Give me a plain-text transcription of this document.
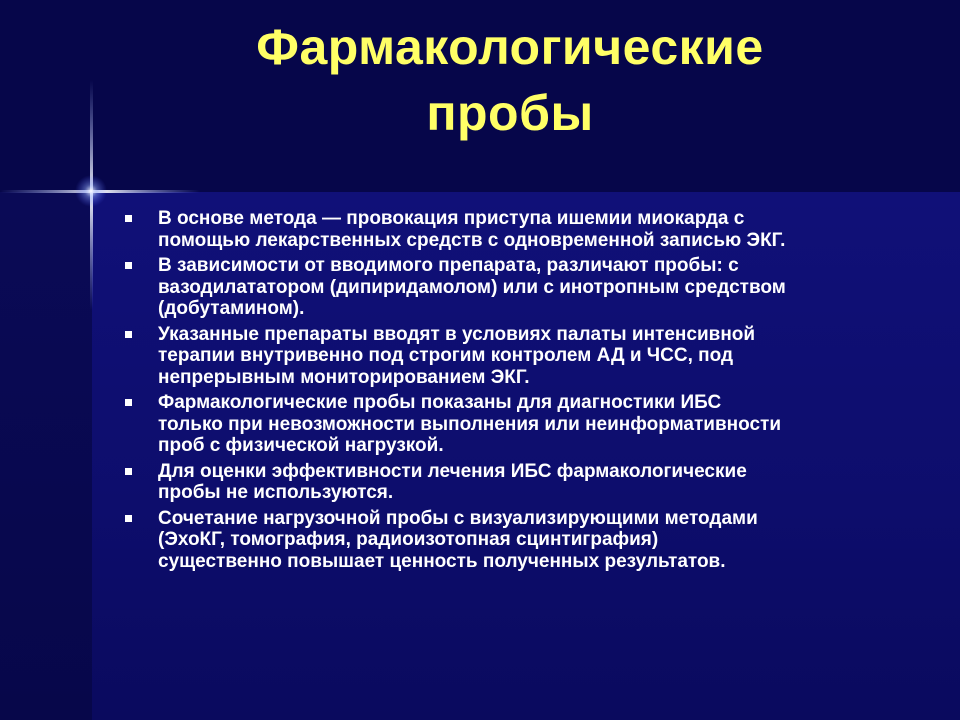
Фармакологические
пробы
В основе метода — провокация приступа ишемии миокарда с
помощью лекарственных средств с одновременной записью ЭКГ.
В зависимости от вводимого препарата, различают пробы: с
вазодилататором (дипиридамолом) или с инотропным средством
(добутамином).
Указанные препараты вводят в условиях палаты интенсивной
терапии внутривенно под строгим контролем АД и ЧСС, под
непрерывным мониторированием ЭКГ.
Фармакологические пробы показаны для диагностики ИБС
только при невозможности выполнения или неинформативности
проб с физической нагрузкой.
Для оценки эффективности лечения ИБС фармакологические
пробы не используются.
Сочетание нагрузочной пробы с визуализирующими методами
(ЭхоКГ, томография, радиоизотопная сцинтиграфия)
существенно повышает ценность полученных результатов.
